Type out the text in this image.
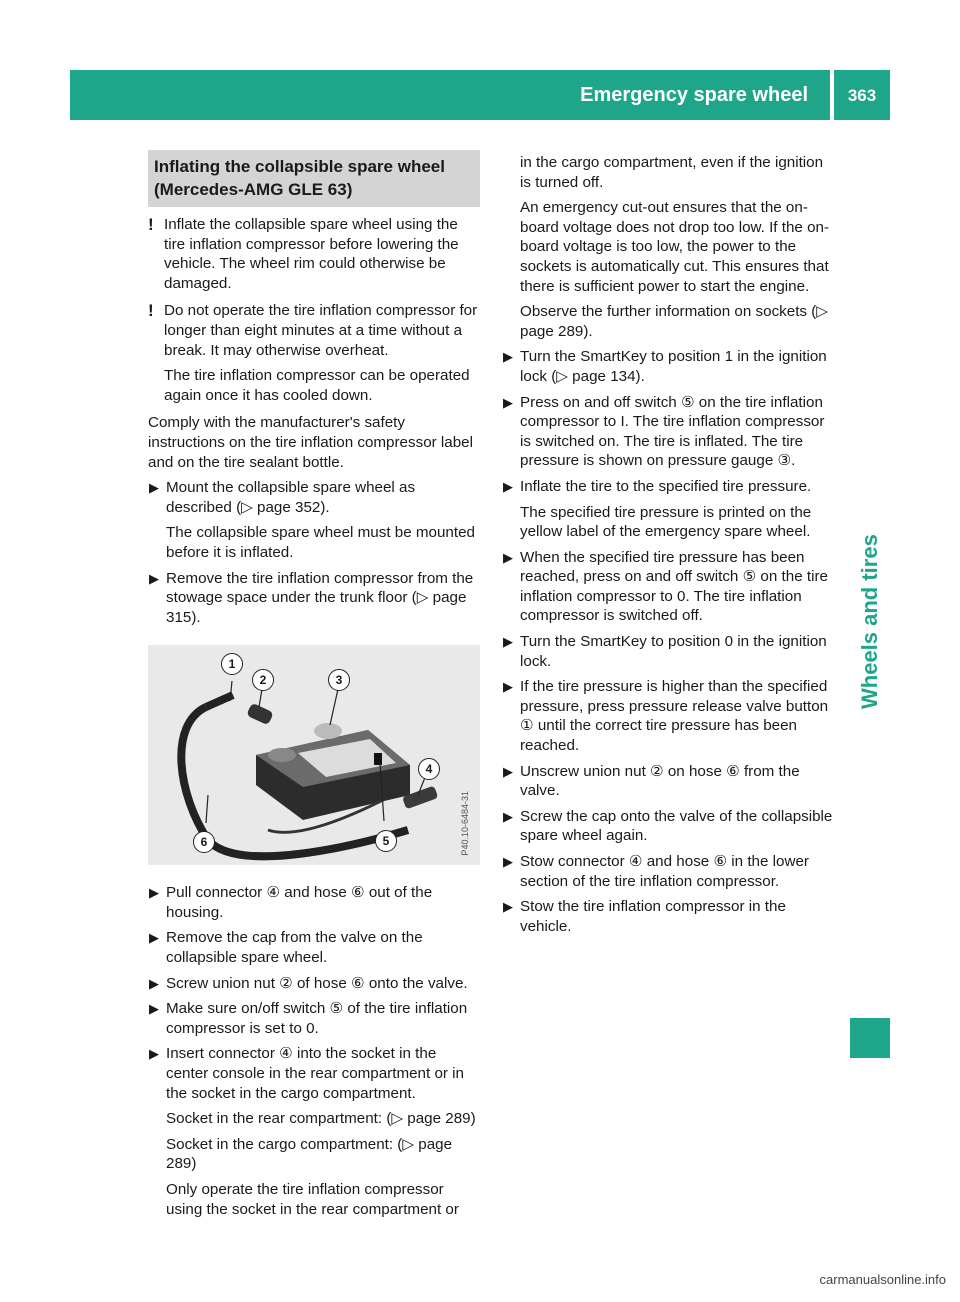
Emergency spare wheel	363
Wheels and tires
Inflating the collapsible spare wheel (Mercedes-AMG GLE 63)
! Inflate the collapsible spare wheel using the tire inflation compressor before lowering the vehicle. The wheel rim could otherwise be damaged.

! Do not operate the tire inflation compressor for longer than eight minutes at a time without a break. It may otherwise overheat.

The tire inflation compressor can be operated again once it has cooled down.

Comply with the manufacturer's safety instructions on the tire inflation compressor label and on the tire sealant bottle.

▶ Mount the collapsible spare wheel as described (▷ page 352).

The collapsible spare wheel must be mounted before it is inflated.

▶ Remove the tire inflation compressor from the stowage space under the trunk floor (▷ page 315).

1
2	3
4
5
6	P40.10-6484-31
▶ Pull connector ④ and hose ⑥ out of the housing.

▶ Remove the cap from the valve on the collapsible spare wheel.

▶ Screw union nut ② of hose ⑥ onto the valve.

▶ Make sure on/off switch ⑤ of the tire inflation compressor is set to 0.

▶ Insert connector ④ into the socket in the center console in the rear compartment or in the socket in the cargo compartment.

Socket in the rear compartment: (▷ page 289)

Socket in the cargo compartment: (▷ page 289)

Only operate the tire inflation compressor using the socket in the rear compartment or

in the cargo compartment, even if the ignition is turned off.

An emergency cut-out ensures that the on-board voltage does not drop too low. If the on-board voltage is too low, the power to the sockets is automatically cut. This ensures that there is sufficient power to start the engine.

Observe the further information on sockets (▷ page 289).

▶ Turn the SmartKey to position 1 in the ignition lock (▷ page 134).

▶ Press on and off switch ⑤ on the tire inflation compressor to I. The tire inflation compressor is switched on. The tire is inflated. The tire pressure is shown on pressure gauge ③.

▶ Inflate the tire to the specified tire pressure.

The specified tire pressure is printed on the yellow label of the emergency spare wheel.

▶ When the specified tire pressure has been reached, press on and off switch ⑤ on the tire inflation compressor to 0. The tire inflation compressor is switched off.

▶ Turn the SmartKey to position 0 in the ignition lock.

▶ If the tire pressure is higher than the specified pressure, press pressure release valve button ① until the correct tire pressure has been reached.

▶ Unscrew union nut ② on hose ⑥ from the valve.

▶ Screw the cap onto the valve of the collapsible spare wheel again.

▶ Stow connector ④ and hose ⑥ in the lower section of the tire inflation compressor.

▶ Stow the tire inflation compressor in the vehicle.

carmanualsonline.info
